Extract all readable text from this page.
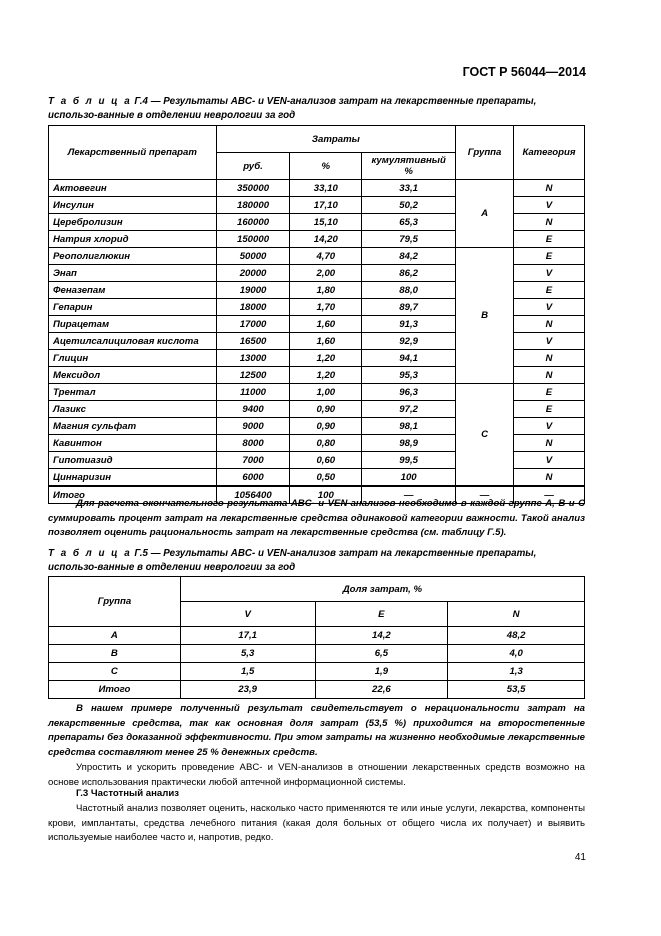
ГОСТ Р 56044—2014
Т а б л и ц а Г.4 — Результаты ABC- и VEN-анализов затрат на лекарственные препараты, использо-ванные в отделении неврологии за год
Лекарственный препарат	Затраты			Группа	Категория
	руб.	%	кумулятивный %		
Актовегин	350000	33,10	33,1	A	N
Инсулин	180000	17,10	50,2		V
Церебролизин	160000	15,10	65,3		N
Натрия хлорид	150000	14,20	79,5		E
Реополиглюкин	50000	4,70	84,2	B	E
Энап	20000	2,00	86,2		V
Феназепам	19000	1,80	88,0		E
Гепарин	18000	1,70	89,7		V
Пирацетам	17000	1,60	91,3		N
Ацетилсалициловая кислота	16500	1,60	92,9		V
Глицин	13000	1,20	94,1		N
Мексидол	12500	1,20	95,3		N
Трентал	11000	1,00	96,3	C	E
Лазикс	9400	0,90	97,2		E
Магния сульфат	9000	0,90	98,1		V
Кавинтон	8000	0,80	98,9		N
Гипотиазид	7000	0,60	99,5		V
Циннаризин	6000	0,50	100		N
Итого	1056400	100	—	—	—
Для расчета окончательного результата ABC- и VEN-анализов необходимо в каждой группе A, B и C суммировать процент затрат на лекарственные средства одинаковой категории важности. Такой анализ позволяет оценить рациональность затрат на лекарственные средства (см. таблицу Г.5).
Т а б л и ц а Г.5 — Результаты ABC- и VEN-анализов затрат на лекарственные препараты, использо-ванные в отделении неврологии за год
Группа	Доля затрат, %		
	V	E	N
A	17,1	14,2	48,2
B	5,3	6,5	4,0
C	1,5	1,9	1,3
Итого	23,9	22,6	53,5
В нашем примере полученный результат свидетельствует о нерациональности затрат на лекарственные средства, так как основная доля затрат (53,5 %) приходится на второстепенные препараты без доказанной эффективности. При этом затраты на жизненно необходимые лекарственные средства составляют менее 25 % денежных средств.
Упростить и ускорить проведение ABC- и VEN-анализов в отношении лекарственных средств возможно на основе использования практически любой аптечной информационной системы.
Г.3 Частотный анализ
Частотный анализ позволяет оценить, насколько часто применяются те или иные услуги, лекарства, компоненты крови, имплантаты, средства лечебного питания (какая доля больных от общего числа их получает) и выявить используемые наиболее часто и, напротив, редко.
41
